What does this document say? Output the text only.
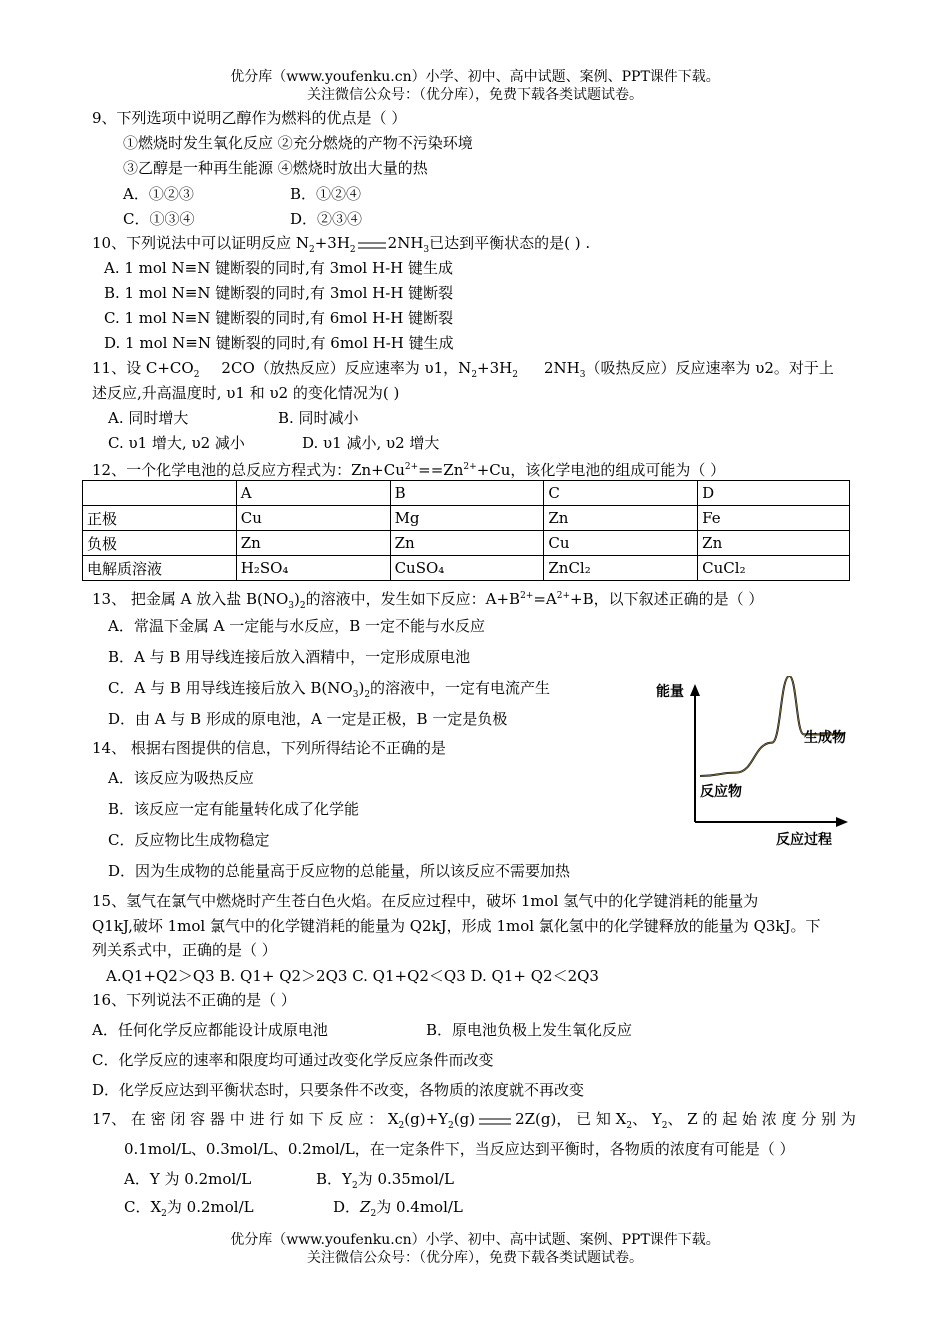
优分库（www.youfenku.cn）小学、初中、高中试题、案例、PPT课件下载。
关注微信公众号：（优分库），免费下载各类试题试卷。
9、下列选项中说明乙醇作为燃料的优点是（ ）
①燃烧时发生氧化反应 ②充分燃烧的产物不污染环境
③乙醇是一种再生能源 ④燃烧时放出大量的热
A．①②③	B．①②④
C．①③④	D．②③④
10、下列说法中可以证明反应 $N_2+3H_2$ $2NH_3$已达到平衡状态的是( ) .
A. 1 mol N≡N 键断裂的同时,有 3mol H-H 键生成
B. 1 mol N≡N 键断裂的同时,有 3mol H-H 键断裂
C. 1 mol N≡N 键断裂的同时,有 6mol H-H 键断裂
D. 1 mol N≡N 键断裂的同时,有 6mol H-H 键生成
11、设 $C+CO_2$ 2CO（放热反应）反应速率为 υ1，$N_2+3H_2$ $2NH_3$（吸热反应）反应速率为 υ2。对于上
述反应,升高温度时, υ1 和 υ2 的变化情况为( )
A. 同时增大	B. 同时减小
C. υ1 增大, υ2 减小	D. υ1 减小, υ2 增大
12、一个化学电池的总反应方程式为：$Zn+Cu^{2+}==Zn^{2+}+Cu$，该化学电池的组成可能为（ ）
	A	B	C	D
正极	Cu	Mg	Zn	Fe
负极	Zn	Zn	Cu	Zn
电解质溶液	H₂SO₄	CuSO₄	ZnCl₂	CuCl₂
13、 把金属 A 放入盐 $B(NO_3)_2$的溶液中，发生如下反应：$A+B^{2+}=A^{2+}+B$，以下叙述正确的是（ ）
A．常温下金属 A 一定能与水反应，B 一定不能与水反应
B．A 与 B 用导线连接后放入酒精中，一定形成原电池
C．A 与 B 用导线连接后放入 $B(NO_3)_2$的溶液中，一定有电流产生
D．由 A 与 B 形成的原电池，A 一定是正极，B 一定是负极
14、 根据右图提供的信息，下列所得结论不正确的是
A．该反应为吸热反应
B．该反应一定有能量转化成了化学能
C．反应物比生成物稳定
D．因为生成物的总能量高于反应物的总能量，所以该反应不需要加热
能量
反应物
生成物
反应过程
15、氢气在氯气中燃烧时产生苍白色火焰。在反应过程中，破坏 1mol 氢气中的化学键消耗的能量为
Q1kJ,破坏 1mol 氯气中的化学键消耗的能量为 Q2kJ，形成 1mol 氯化氢中的化学键释放的能量为 Q3kJ。下
列关系式中，正确的是（ ）
A.Q1+Q2＞Q3 B. Q1+ Q2＞2Q3 C. Q1+Q2＜Q3 D. Q1+ Q2＜2Q3
16、下列说法不正确的是（ ）
A．任何化学反应都能设计成原电池	B．原电池负极上发生氧化反应
C．化学反应的速率和限度均可通过改变化学反应条件而改变
D．化学反应达到平衡状态时，只要条件不改变，各物质的浓度就不再改变
17、 在 密 闭 容 器 中 进 行 如 下 反 应 ： $X_2(g)+Y_2(g)$	2Z(g)， 已 知 $X_2$、 $Y_2$、 Z 的 起 始 浓 度 分 别 为
0.1mol/L、0.3mol/L、0.2mol/L，在一定条件下，当反应达到平衡时，各物质的浓度有可能是（ ）
A．Y 为 0.2mol/L	B．$Y_2$为 0.35mol/L
C．$X_2$为 0.2mol/L	D．$Z_2$为 0.4mol/L
优分库（www.youfenku.cn）小学、初中、高中试题、案例、PPT课件下载。
关注微信公众号：（优分库），免费下载各类试题试卷。
